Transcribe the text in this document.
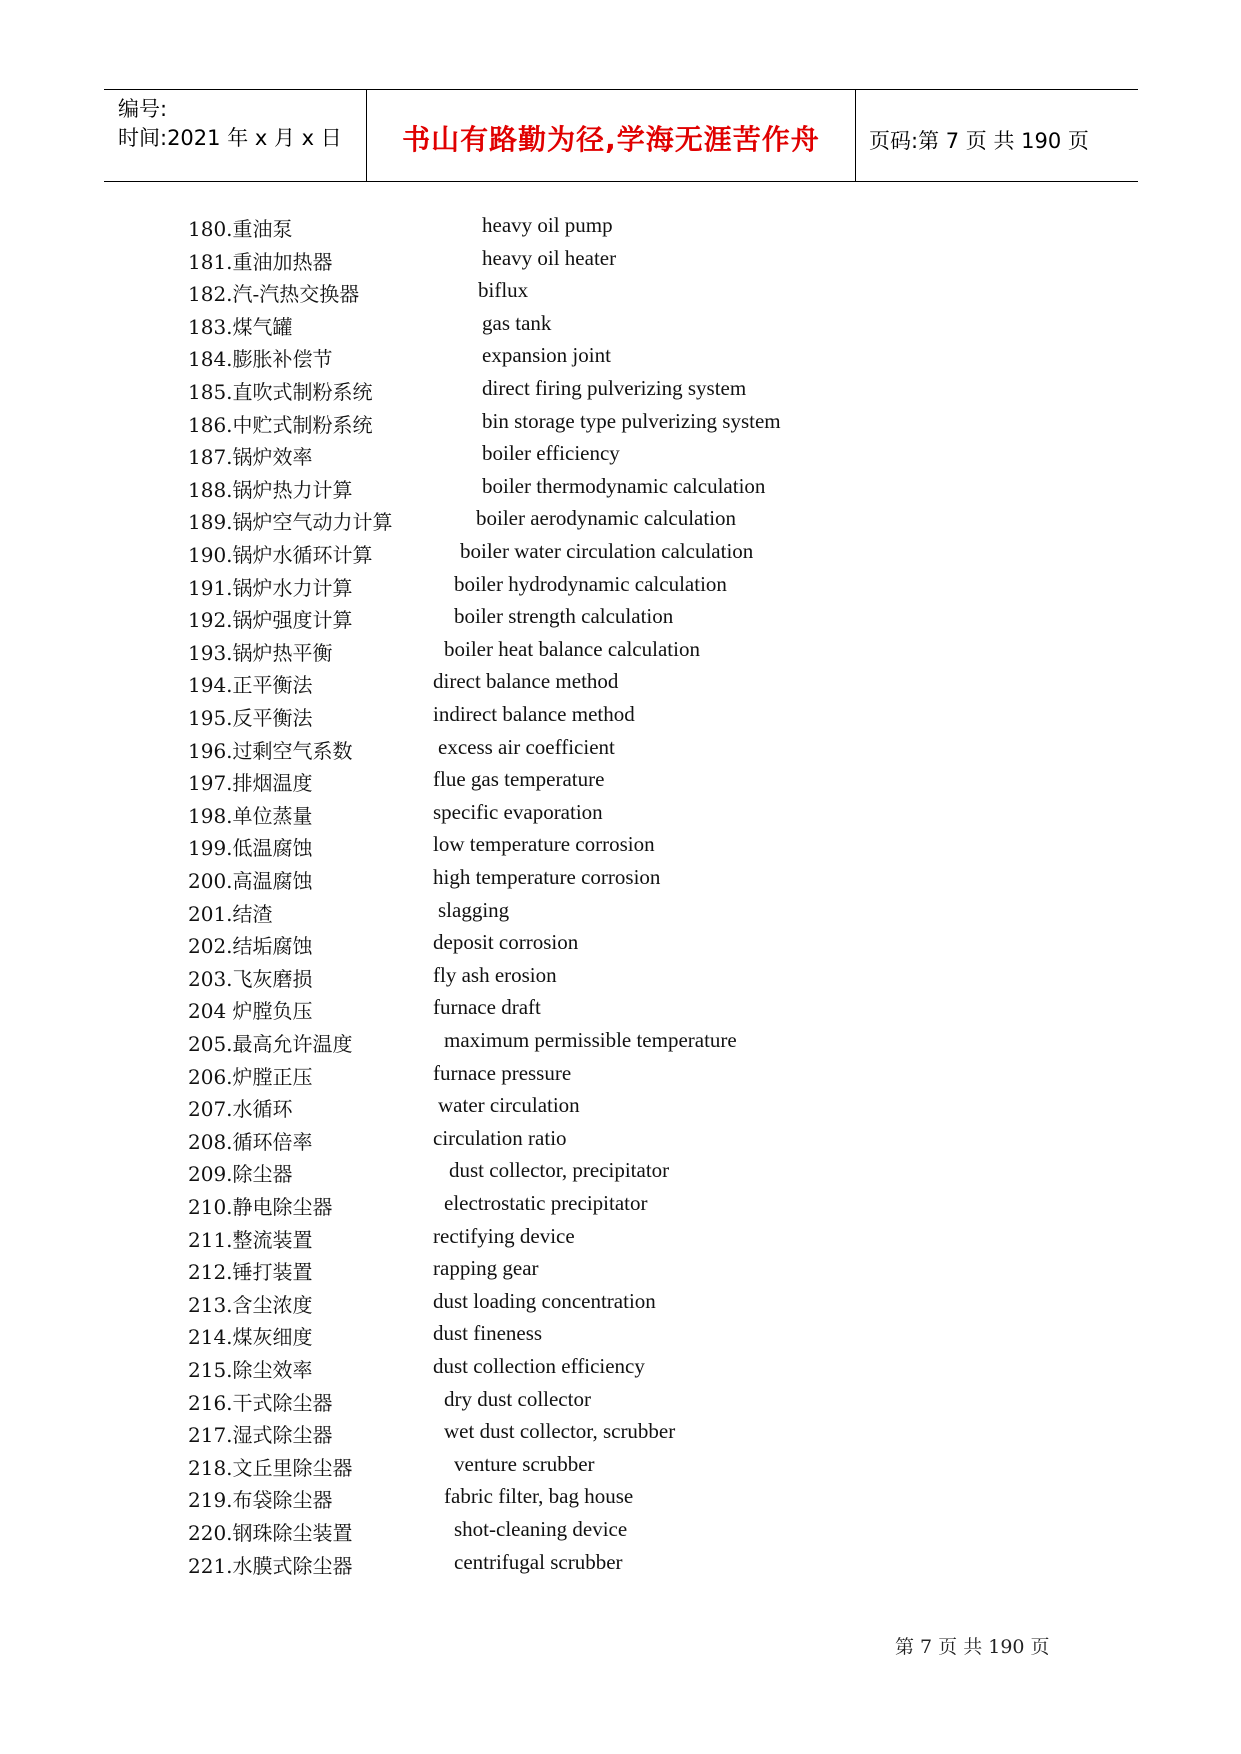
编号:
时间:2021 年 x 月 x 日	书山有路勤为径,学海无涯苦作舟	页码:第 7 页 共 190 页
180.重油泵	heavy oil pump
181.重油加热器	heavy oil heater
182.汽-汽热交换器	biflux
183.煤气罐	gas tank
184.膨胀补偿节	expansion joint
185.直吹式制粉系统	direct firing pulverizing system
186.中贮式制粉系统	bin storage type pulverizing system
187.锅炉效率	boiler efficiency
188.锅炉热力计算	boiler thermodynamic calculation
189.锅炉空气动力计算	boiler aerodynamic calculation
190.锅炉水循环计算	boiler water circulation calculation
191.锅炉水力计算	boiler hydrodynamic calculation
192.锅炉强度计算	boiler strength calculation
193.锅炉热平衡	boiler heat balance calculation
194.正平衡法	direct balance method
195.反平衡法	indirect balance method
196.过剩空气系数	excess air coefficient
197.排烟温度	flue gas temperature
198.单位蒸量	specific evaporation
199.低温腐蚀	low temperature corrosion
200.高温腐蚀	high temperature corrosion
201.结渣	slagging
202.结垢腐蚀	deposit corrosion
203.飞灰磨损	fly ash erosion
204 炉膛负压	furnace draft
205.最高允许温度	maximum permissible temperature
206.炉膛正压	furnace pressure
207.水循环	water circulation
208.循环倍率	circulation ratio
209.除尘器	dust collector, precipitator
210.静电除尘器	electrostatic precipitator
211.整流装置	rectifying device
212.锤打装置	rapping gear
213.含尘浓度	dust loading concentration
214.煤灰细度	dust fineness
215.除尘效率	dust collection efficiency
216.干式除尘器	dry dust collector
217.湿式除尘器	wet dust collector, scrubber
218.文丘里除尘器	venture scrubber
219.布袋除尘器	fabric filter, bag house
220.钢珠除尘装置	shot-cleaning device
221.水膜式除尘器	centrifugal scrubber
第 7 页 共 190 页
